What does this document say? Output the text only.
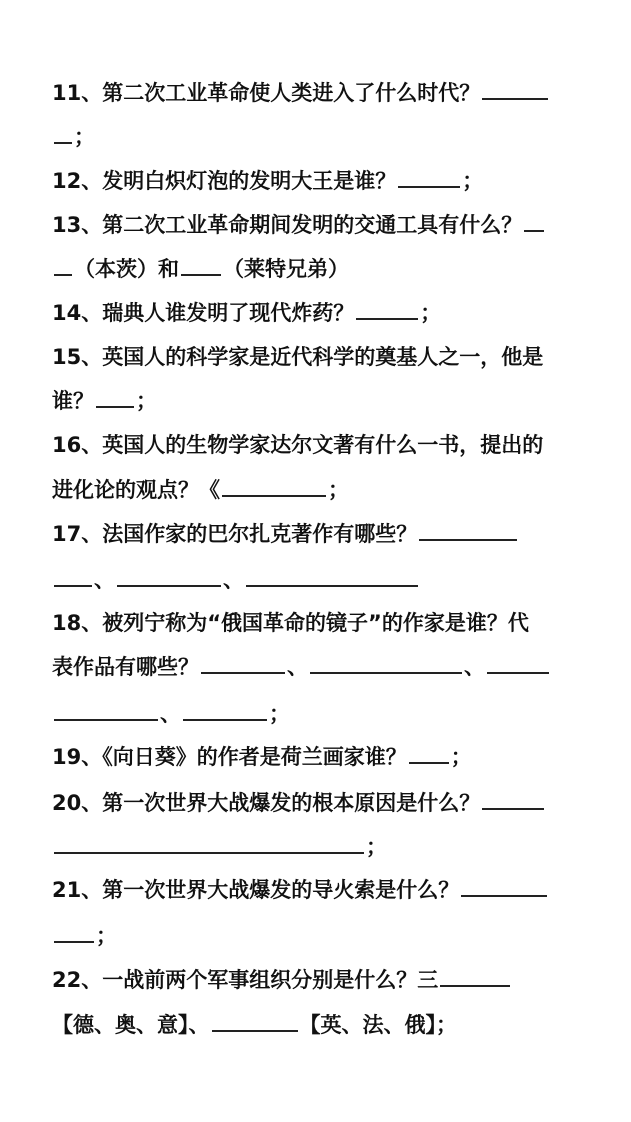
11、第二次工业革命使人类进入了什么时代？
；
12、发明白炽灯泡的发明大王是谁？	；
13、第二次工业革命期间发明的交通工具有什么？
（本茨）和 （莱特兄弟）
14、瑞典人谁发明了现代炸药？	；
15、英国人的科学家是近代科学的奠基人之一，他是
谁？ ；
16、英国人的生物学家达尔文著有什么一书，提出的
进化论的观点？《	；
17、法国作家的巴尔扎克著作有哪些？
、	、
18、被列宁称为“俄国革命的镜子”的作家是谁？代
表作品有哪些？	、	、
、	；
19、《向日葵》的作者是荷兰画家谁？ ；
20、第一次世界大战爆发的根本原因是什么？
；
21、第一次世界大战爆发的导火索是什么？
；
22、一战前两个军事组织分别是什么？三
【德、奥、意】、	【英、法、俄】；
